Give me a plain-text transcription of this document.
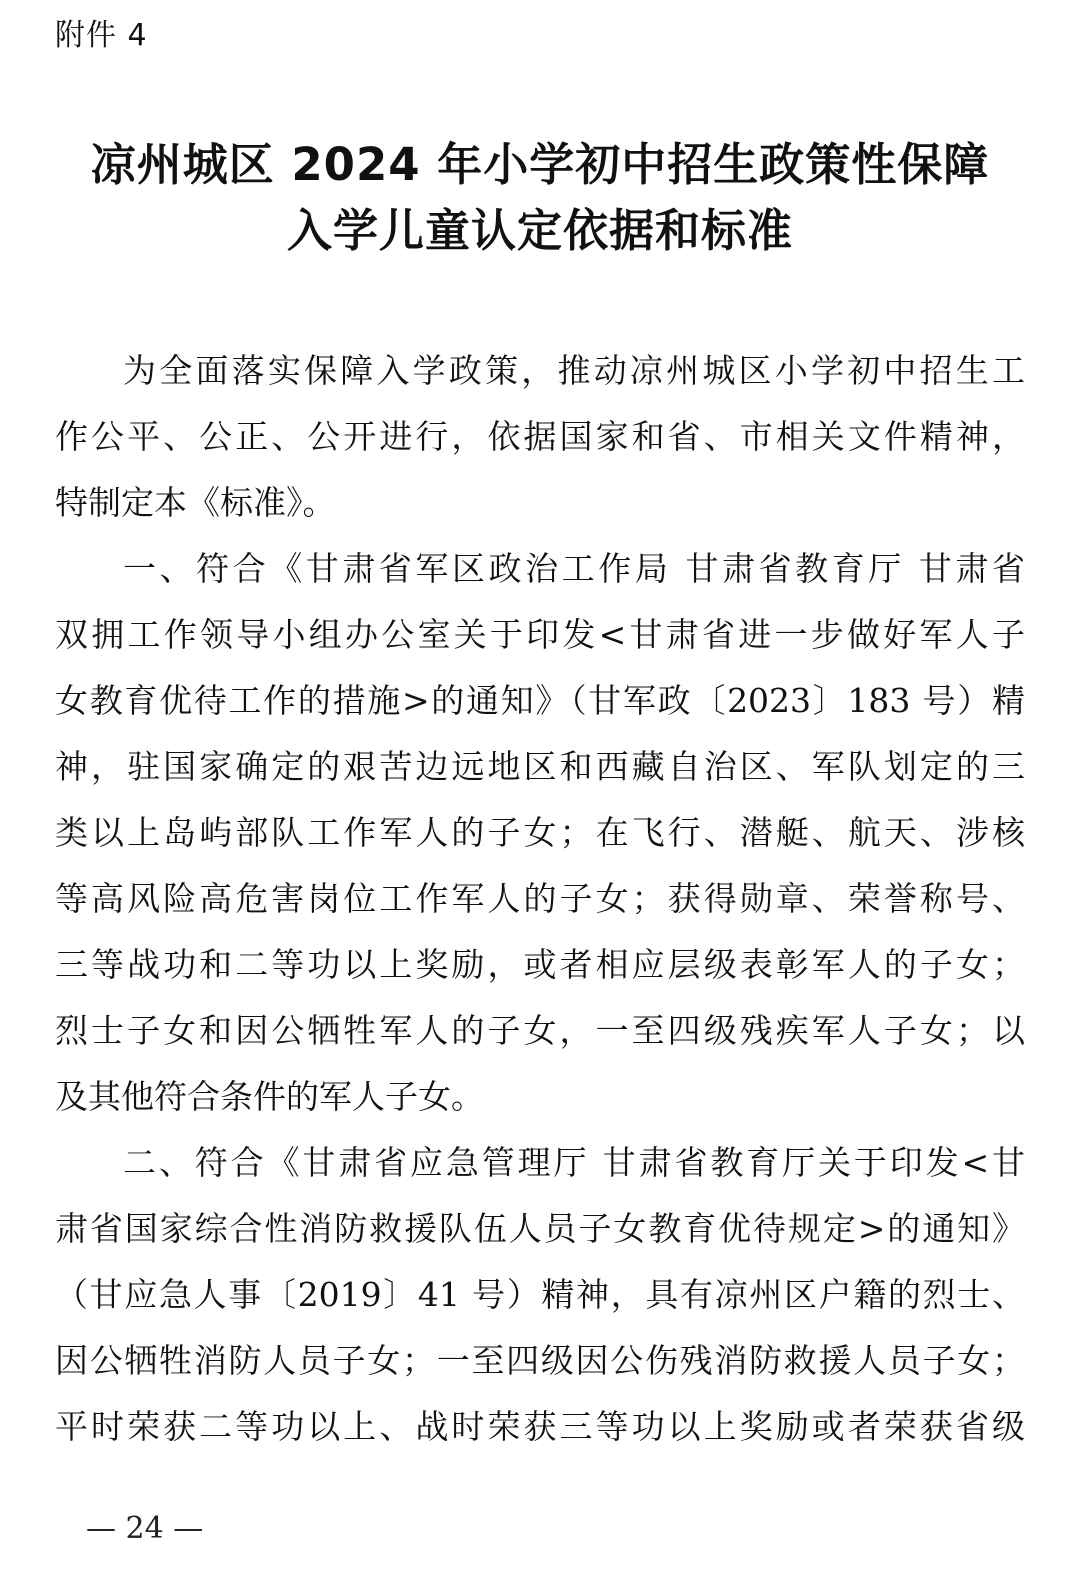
附件 4
凉州城区 2024 年小学初中招生政策性保障
入学儿童认定依据和标准
为全面落实保障入学政策，推动凉州城区小学初中招生工
作公平、公正、公开进行，依据国家和省、市相关文件精神，
特制定本《标准》。
一、符合《甘肃省军区政治工作局 甘肃省教育厅 甘肃省
双拥工作领导小组办公室关于印发<甘肃省进一步做好军人子
女教育优待工作的措施>的通知》（甘军政〔2023〕183 号）精
神，驻国家确定的艰苦边远地区和西藏自治区、军队划定的三
类以上岛屿部队工作军人的子女；在飞行、潜艇、航天、涉核
等高风险高危害岗位工作军人的子女；获得勋章、荣誉称号、
三等战功和二等功以上奖励，或者相应层级表彰军人的子女；
烈士子女和因公牺牲军人的子女，一至四级残疾军人子女；以
及其他符合条件的军人子女。
二、符合《甘肃省应急管理厅 甘肃省教育厅关于印发<甘
肃省国家综合性消防救援队伍人员子女教育优待规定>的通知》
（甘应急人事〔2019〕41 号）精神，具有凉州区户籍的烈士、
因公牺牲消防人员子女；一至四级因公伤残消防救援人员子女；
平时荣获二等功以上、战时荣获三等功以上奖励或者荣获省级
— 24 —
